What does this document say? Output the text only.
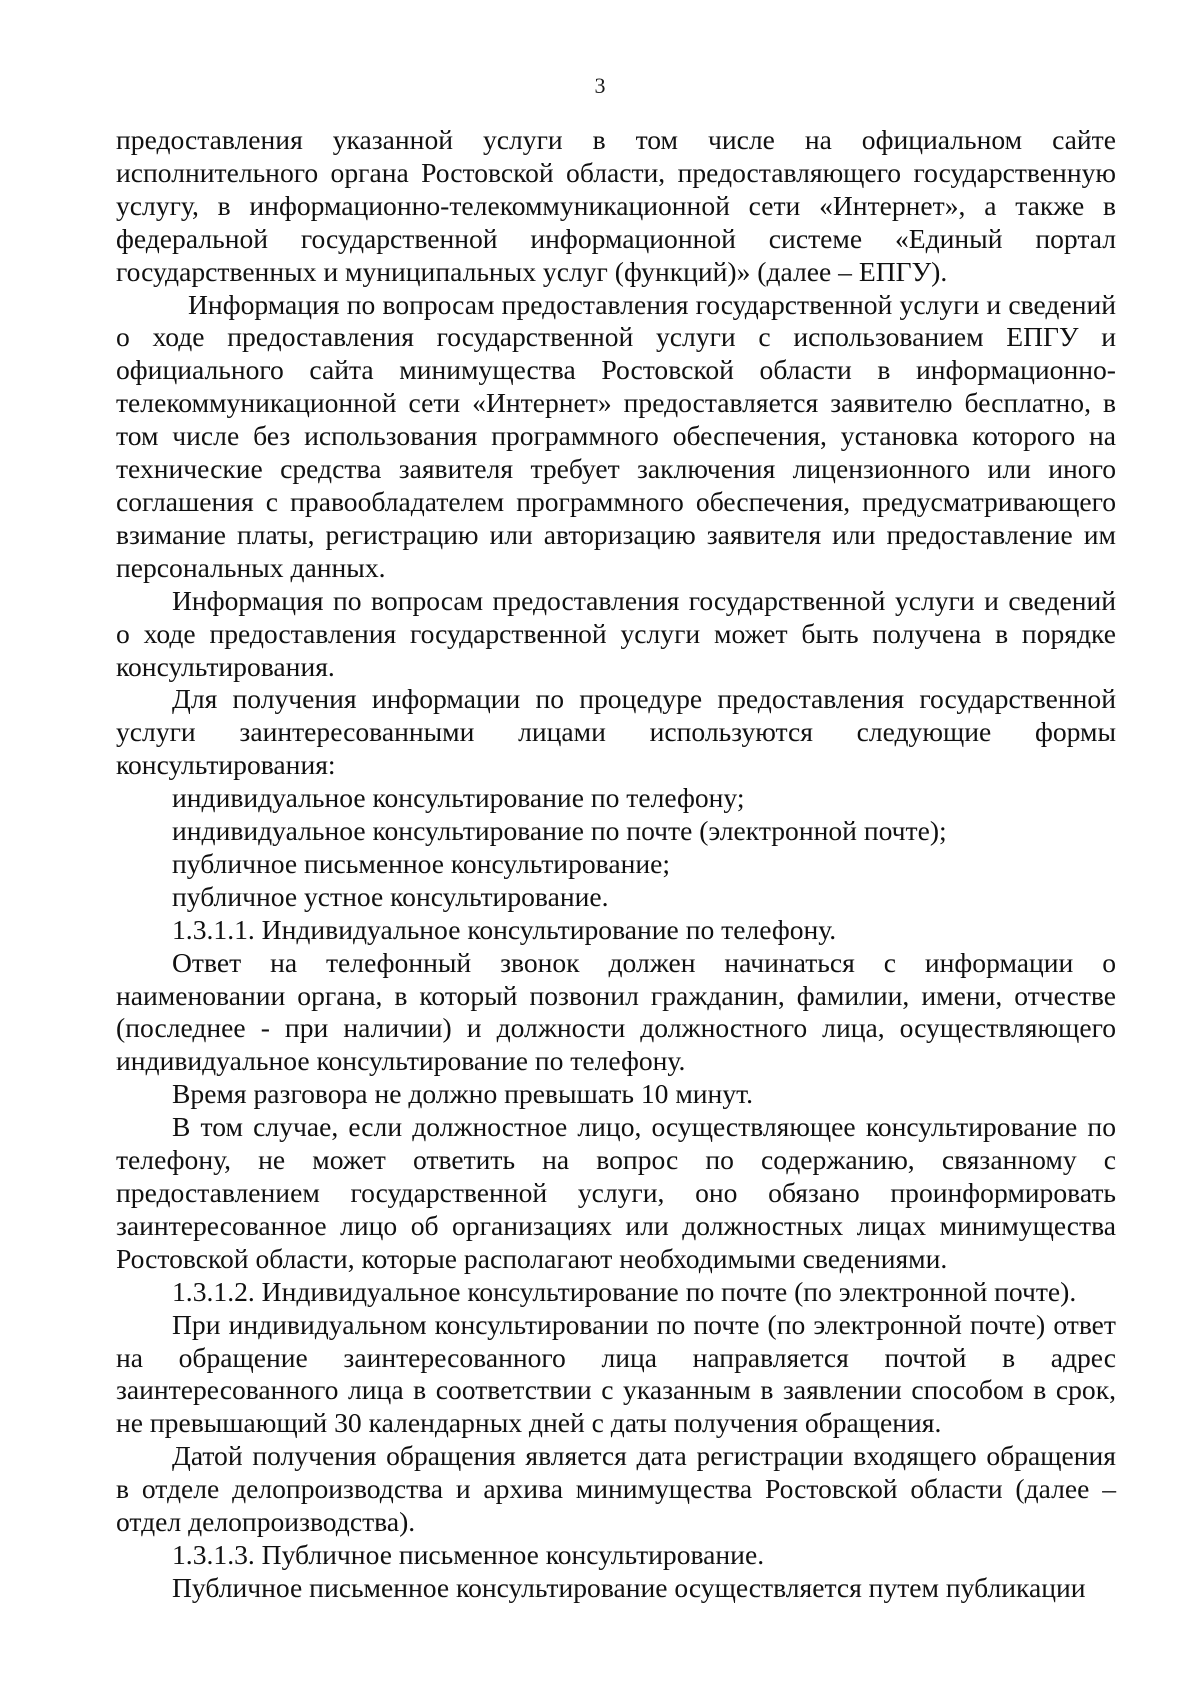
3

предоставления указанной услуги в том числе на официальном сайте исполнительного органа Ростовской области, предоставляющего государственную услугу, в информационно-телекоммуникационной сети «Интернет», а также в федеральной государственной информационной системе «Единый портал государственных и муниципальных услуг (функций)» (далее – ЕПГУ).

Информация по вопросам предоставления государственной услуги и сведений о ходе предоставления государственной услуги с использованием ЕПГУ и официального сайта минимущества Ростовской области в информационно-телекоммуникационной сети «Интернет» предоставляется заявителю бесплатно, в том числе без использования программного обеспечения, установка которого на технические средства заявителя требует заключения лицензионного или иного соглашения с правообладателем программного обеспечения, предусматривающего взимание платы, регистрацию или авторизацию заявителя или предоставление им персональных данных.

Информация по вопросам предоставления государственной услуги и сведений о ходе предоставления государственной услуги может быть получена в порядке консультирования.

Для получения информации по процедуре предоставления государственной услуги заинтересованными лицами используются следующие формы консультирования:

индивидуальное консультирование по телефону;

индивидуальное консультирование по почте (электронной почте);

публичное письменное консультирование;

публичное устное консультирование.

1.3.1.1. Индивидуальное консультирование по телефону.

Ответ на телефонный звонок должен начинаться с информации о наименовании органа, в который позвонил гражданин, фамилии, имени, отчестве (последнее - при наличии) и должности должностного лица, осуществляющего индивидуальное консультирование по телефону.

Время разговора не должно превышать 10 минут.

В том случае, если должностное лицо, осуществляющее консультирование по телефону, не может ответить на вопрос по содержанию, связанному с предоставлением государственной услуги, оно обязано проинформировать заинтересованное лицо об организациях или должностных лицах минимущества Ростовской области, которые располагают необходимыми сведениями.

1.3.1.2. Индивидуальное консультирование по почте (по электронной почте).

При индивидуальном консультировании по почте (по электронной почте) ответ на обращение заинтересованного лица направляется почтой в адрес заинтересованного лица в соответствии с указанным в заявлении способом в срок, не превышающий 30 календарных дней с даты получения обращения.

Датой получения обращения является дата регистрации входящего обращения в отделе делопроизводства и архива минимущества Ростовской области (далее – отдел делопроизводства).

1.3.1.3. Публичное письменное консультирование.

Публичное письменное консультирование осуществляется путем публикации
